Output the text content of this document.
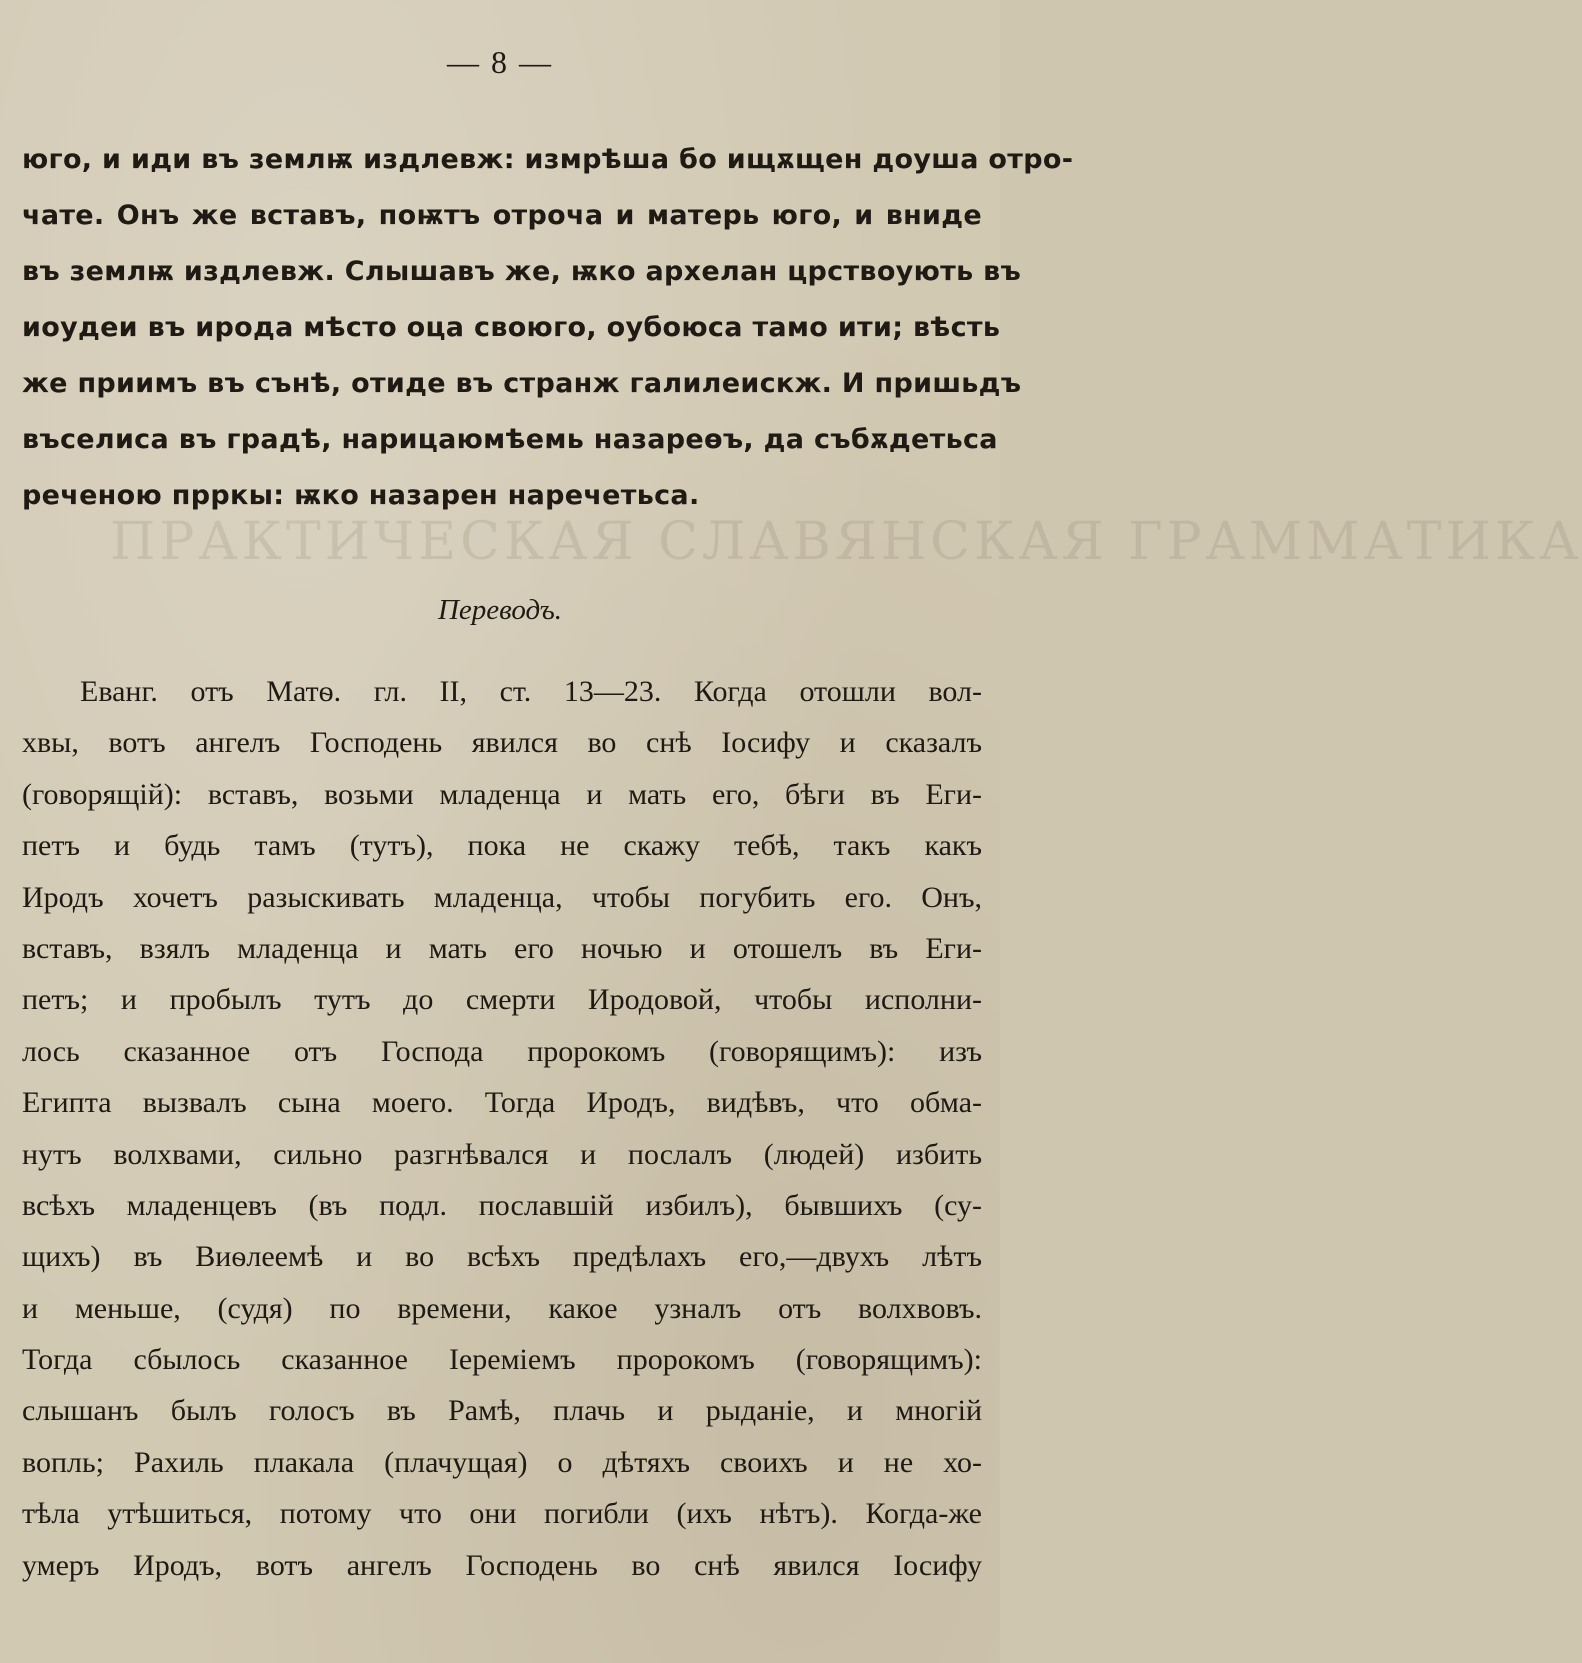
ПРАКТИЧЕСКАЯ СЛАВЯНСКАЯ ГРАММАТИКА
— 8 —
юго, и иди въ землѭ издлевж: измрѣша бо ищѫщен доуша отро-
чате. Онъ же вставъ, поѭтъ отроча и матерь юго, и вниде
въ землѭ издлевж. Слышавъ же, ѭко архелан црствоують въ
иоудеи въ ирода мѣсто оца своюго, оубоюса тамо ити; вѣсть
же приимъ въ сънѣ, отиде въ странж галилеискж. И пришьдъ
въселиса въ градѣ, нарицаюмѣемь назареѳъ, да събѫдетьса
реченою прркы: ѭко назарен наречетьса.
Переводъ.
Еванг. отъ Матѳ. гл. II, ст. 13—23. Когда отошли вол-
хвы, вотъ ангелъ Господень явился во снѣ Іосифу и сказалъ
(говорящій): вставъ, возьми младенца и мать его, бѣги въ Еги-
петъ и будь тамъ (тутъ), пока не скажу тебѣ, такъ какъ
Иродъ хочетъ разыскивать младенца, чтобы погубить его. Онъ,
вставъ, взялъ младенца и мать его ночью и отошелъ въ Еги-
петъ; и пробылъ тутъ до смерти Иродовой, чтобы исполни-
лось сказанное отъ Господа пророкомъ (говорящимъ): изъ
Египта вызвалъ сына моего. Тогда Иродъ, видѣвъ, что обма-
нутъ волхвами, сильно разгнѣвался и послалъ (людей) избить
всѣхъ младенцевъ (въ подл. пославшій избилъ), бывшихъ (су-
щихъ) въ Виѳлеемѣ и во всѣхъ предѣлахъ его,—двухъ лѣтъ
и меньше, (судя) по времени, какое узналъ отъ волхвовъ.
Тогда сбылось сказанное Іереміемъ пророкомъ (говорящимъ):
слышанъ былъ голосъ въ Рамѣ, плачь и рыданіе, и многій
вопль; Рахиль плакала (плачущая) о дѣтяхъ своихъ и не хо-
тѣла утѣшиться, потому что они погибли (ихъ нѣтъ). Когда-же
умеръ Иродъ, вотъ ангелъ Господень во снѣ явился Іосифу
